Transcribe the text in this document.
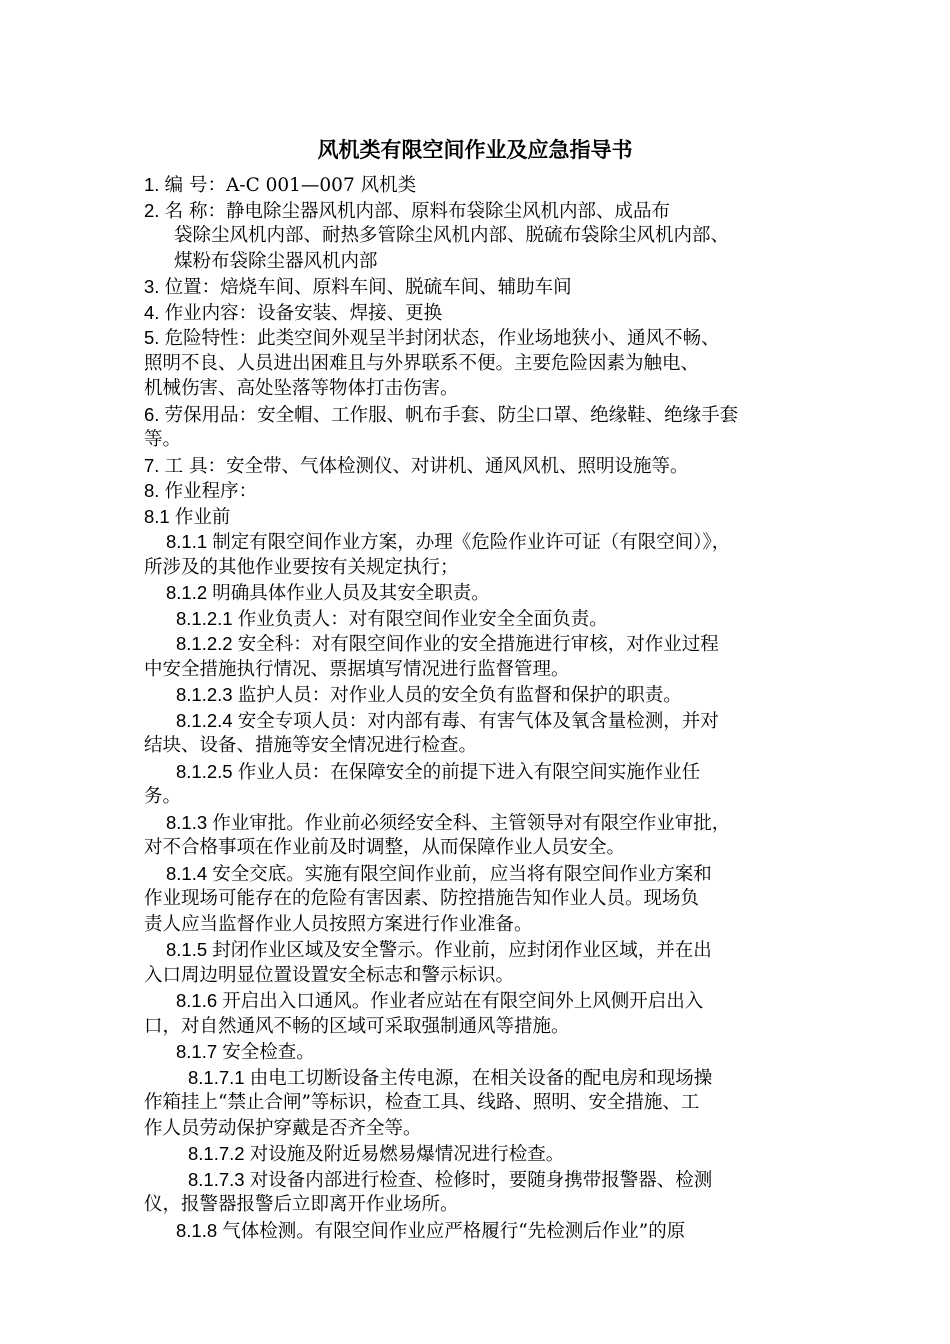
风机类有限空间作业及应急指导书
1. 编 号：A-C 001—007 风机类
2. 名 称：静电除尘器风机内部、原料布袋除尘风机内部、成品布
袋除尘风机内部、耐热多管除尘风机内部、脱硫布袋除尘风机内部、
煤粉布袋除尘器风机内部
3. 位置：焙烧车间、原料车间、脱硫车间、辅助车间
4. 作业内容：设备安装、焊接、更换
5. 危险特性：此类空间外观呈半封闭状态，作业场地狭小、通风不畅、
照明不良、人员进出困难且与外界联系不便。主要危险因素为触电、
机械伤害、高处坠落等物体打击伤害。
6. 劳保用品：安全帽、工作服、帆布手套、防尘口罩、绝缘鞋、绝缘手套
等。
7. 工 具：安全带、气体检测仪、对讲机、通风风机、照明设施等。
8. 作业程序：
8.1 作业前
8.1.1 制定有限空间作业方案，办理《危险作业许可证（有限空间）》，
所涉及的其他作业要按有关规定执行；
8.1.2 明确具体作业人员及其安全职责。
8.1.2.1 作业负责人：对有限空间作业安全全面负责。
8.1.2.2 安全科：对有限空间作业的安全措施进行审核，对作业过程
中安全措施执行情况、票据填写情况进行监督管理。
8.1.2.3 监护人员：对作业人员的安全负有监督和保护的职责。
8.1.2.4 安全专项人员：对内部有毒、有害气体及氧含量检测，并对
结块、设备、措施等安全情况进行检查。
8.1.2.5 作业人员：在保障安全的前提下进入有限空间实施作业任
务。
8.1.3 作业审批。作业前必须经安全科、主管领导对有限空作业审批，
对不合格事项在作业前及时调整，从而保障作业人员安全。
8.1.4 安全交底。实施有限空间作业前，应当将有限空间作业方案和
作业现场可能存在的危险有害因素、防控措施告知作业人员。现场负
责人应当监督作业人员按照方案进行作业准备。
8.1.5 封闭作业区域及安全警示。作业前，应封闭作业区域，并在出
入口周边明显位置设置安全标志和警示标识。
8.1.6 开启出入口通风。作业者应站在有限空间外上风侧开启出入
口，对自然通风不畅的区域可采取强制通风等措施。
8.1.7 安全检查。
8.1.7.1 由电工切断设备主传电源，在相关设备的配电房和现场操
作箱挂上“禁止合闸”等标识，检查工具、线路、照明、安全措施、工
作人员劳动保护穿戴是否齐全等。
8.1.7.2 对设施及附近易燃易爆情况进行检查。
8.1.7.3 对设备内部进行检查、检修时，要随身携带报警器、检测
仪，报警器报警后立即离开作业场所。
8.1.8 气体检测。有限空间作业应严格履行“先检测后作业”的原
